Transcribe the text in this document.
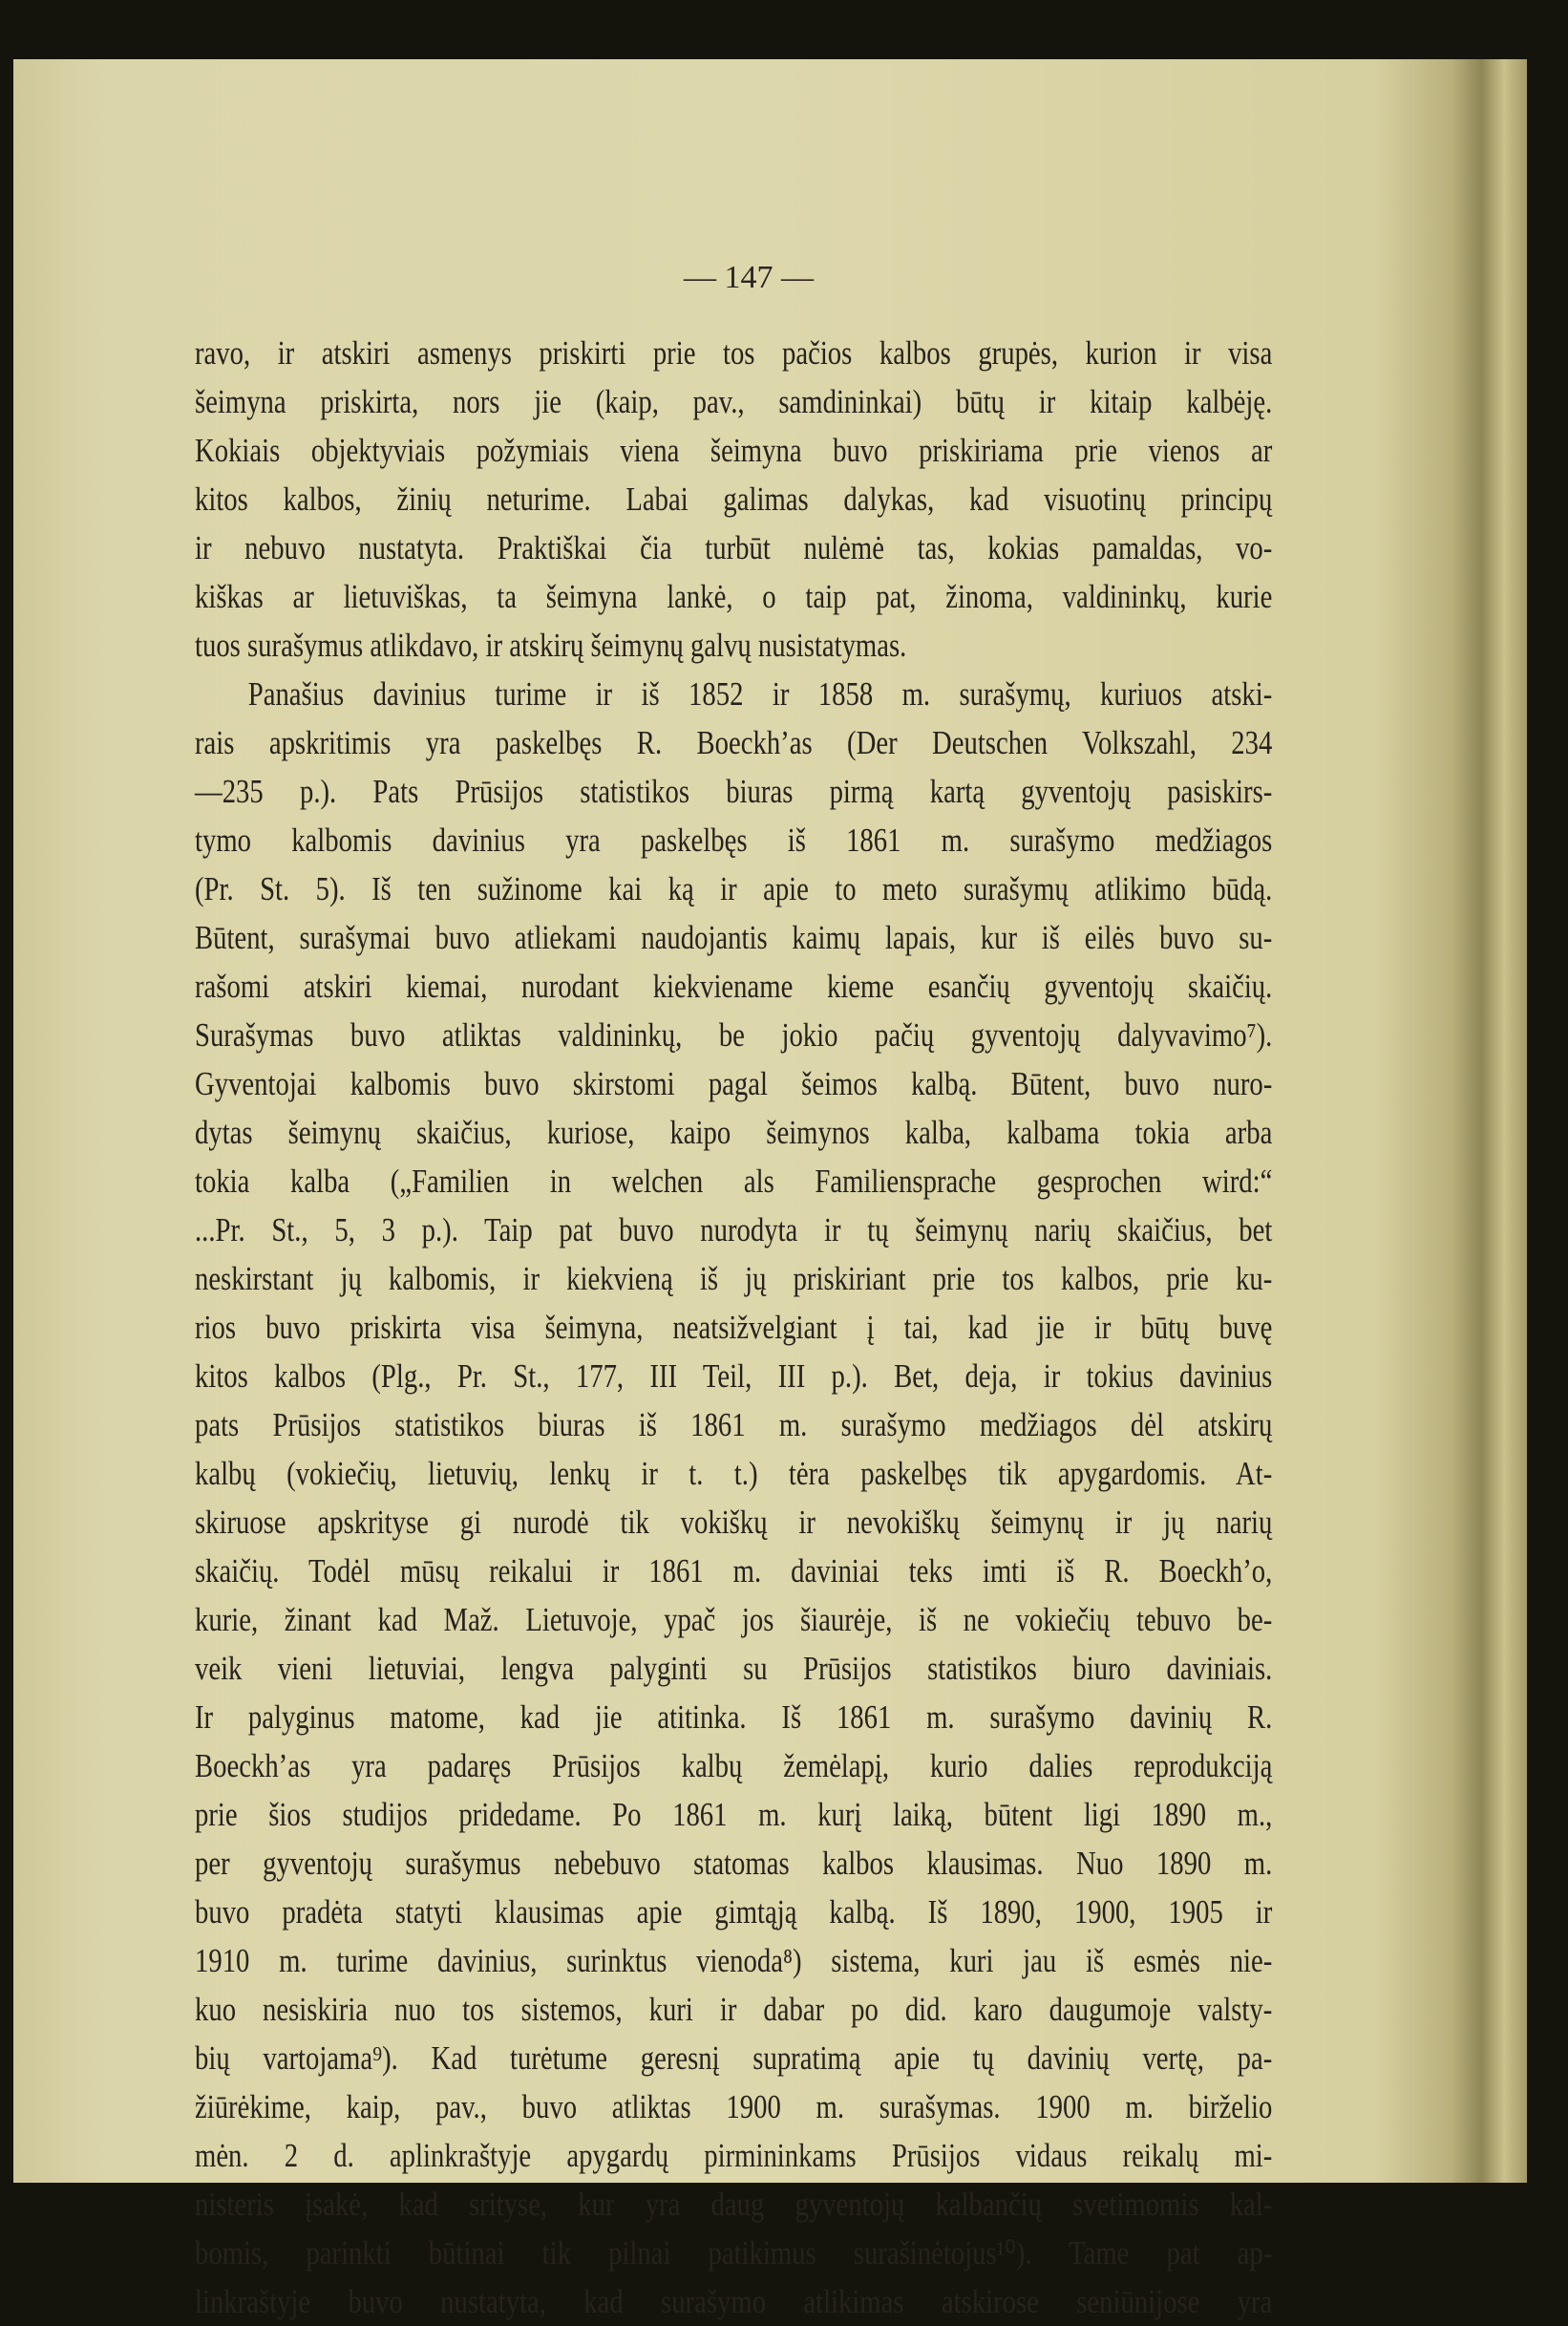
— 147 —
ravo, ir atskiri asmenys priskirti prie tos pačios kalbos grupės, kurion ir visa
šeimyna priskirta, nors jie (kaip, pav., samdininkai) būtų ir kitaip kalbėję.
Kokiais objektyviais požymiais viena šeimyna buvo priskiriama prie vienos ar
kitos kalbos, žinių neturime. Labai galimas dalykas, kad visuotinų principų
ir nebuvo nustatyta. Praktiškai čia turbūt nulėmė tas, kokias pamaldas, vo-
kiškas ar lietuviškas, ta šeimyna lankė, o taip pat, žinoma, valdininkų, kurie
tuos surašymus atlikdavo, ir atskirų šeimynų galvų nusistatymas.
Panašius davinius turime ir iš 1852 ir 1858 m. surašymų, kuriuos atski-
rais apskritimis yra paskelbęs R. Boeckh’as (Der Deutschen Volkszahl, 234
—235 p.). Pats Prūsijos statistikos biuras pirmą kartą gyventojų pasiskirs-
tymo kalbomis davinius yra paskelbęs iš 1861 m. surašymo medžiagos
(Pr. St. 5). Iš ten sužinome kai ką ir apie to meto surašymų atlikimo būdą.
Būtent, surašymai buvo atliekami naudojantis kaimų lapais, kur iš eilės buvo su-
rašomi atskiri kiemai, nurodant kiekviename kieme esančių gyventojų skaičių.
Surašymas buvo atliktas valdininkų, be jokio pačių gyventojų dalyvavimo⁷).
Gyventojai kalbomis buvo skirstomi pagal šeimos kalbą. Būtent, buvo nuro-
dytas šeimynų skaičius, kuriose, kaipo šeimynos kalba, kalbama tokia arba
tokia kalba („Familien in welchen als Familiensprache gesprochen wird:“
...Pr. St., 5, 3 p.). Taip pat buvo nurodyta ir tų šeimynų narių skaičius, bet
neskirstant jų kalbomis, ir kiekvieną iš jų priskiriant prie tos kalbos, prie ku-
rios buvo priskirta visa šeimyna, neatsižvelgiant į tai, kad jie ir būtų buvę
kitos kalbos (Plg., Pr. St., 177, III Teil, III p.). Bet, deja, ir tokius davinius
pats Prūsijos statistikos biuras iš 1861 m. surašymo medžiagos dėl atskirų
kalbų (vokiečių, lietuvių, lenkų ir t. t.) tėra paskelbęs tik apygardomis. At-
skiruose apskrityse gi nurodė tik vokiškų ir nevokiškų šeimynų ir jų narių
skaičių. Todėl mūsų reikalui ir 1861 m. daviniai teks imti iš R. Boeckh’o,
kurie, žinant kad Maž. Lietuvoje, ypač jos šiaurėje, iš ne vokiečių tebuvo be-
veik vieni lietuviai, lengva palyginti su Prūsijos statistikos biuro daviniais.
Ir palyginus matome, kad jie atitinka. Iš 1861 m. surašymo davinių R.
Boeckh’as yra padaręs Prūsijos kalbų žemėlapį, kurio dalies reprodukciją
prie šios studijos pridedame. Po 1861 m. kurį laiką, būtent ligi 1890 m.,
per gyventojų surašymus nebebuvo statomas kalbos klausimas. Nuo 1890 m.
buvo pradėta statyti klausimas apie gimtąją kalbą. Iš 1890, 1900, 1905 ir
1910 m. turime davinius, surinktus vienoda⁸) sistema, kuri jau iš esmės nie-
kuo nesiskiria nuo tos sistemos, kuri ir dabar po did. karo daugumoje valsty-
bių vartojama⁹). Kad turėtume geresnį supratimą apie tų davinių vertę, pa-
žiūrėkime, kaip, pav., buvo atliktas 1900 m. surašymas. 1900 m. birželio
mėn. 2 d. aplinkraštyje apygardų pirmininkams Prūsijos vidaus reikalų mi-
nisteris įsakė, kad srityse, kur yra daug gyventojų kalbančių svetimomis kal-
bomis, parinkti būtinai tik pilnai patikimus surašinėtojus¹⁰). Tame pat ap-
linkraštyje buvo nustatyta, kad surašymo atlikimas atskirose seniūnijose yra
